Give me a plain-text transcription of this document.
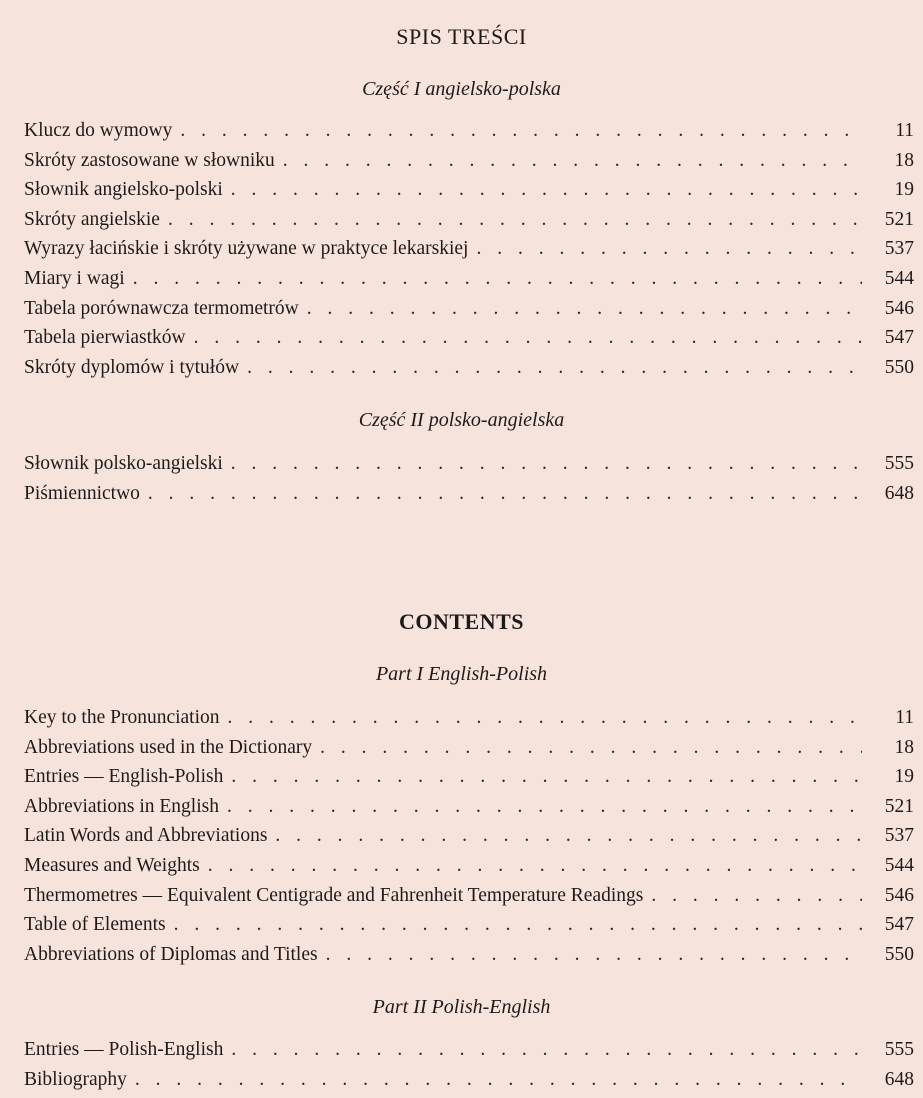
SPIS TREŚCI
Część I angielsko-polska
Klucz do wymowy . . .	11
Skróty zastosowane w słowniku . . .	18
Słownik angielsko-polski . . .	19
Skróty angielskie . . .	521
Wyrazy łacińskie i skróty używane w praktyce lekarskiej . . .	537
Miary i wagi . . .	544
Tabela porównawcza termometrów . . .	546
Tabela pierwiastków . . .	547
Skróty dyplomów i tytułów . . .	550
Część II polsko-angielska
Słownik polsko-angielski . . .	555
Piśmiennictwo . . .	648
CONTENTS
Part I English-Polish
Key to the Pronunciation . . .	11
Abbreviations used in the Dictionary . . .	18
Entries — English-Polish . . .	19
Abbreviations in English . . .	521
Latin Words and Abbreviations . . .	537
Measures and Weights . . .	544
Thermometres — Equivalent Centigrade and Fahrenheit Temperature Readings . . .	546
Table of Elements . . .	547
Abbreviations of Diplomas and Titles . . .	550
Part II Polish-English
Entries — Polish-English . . .	555
Bibliography . . .	648
